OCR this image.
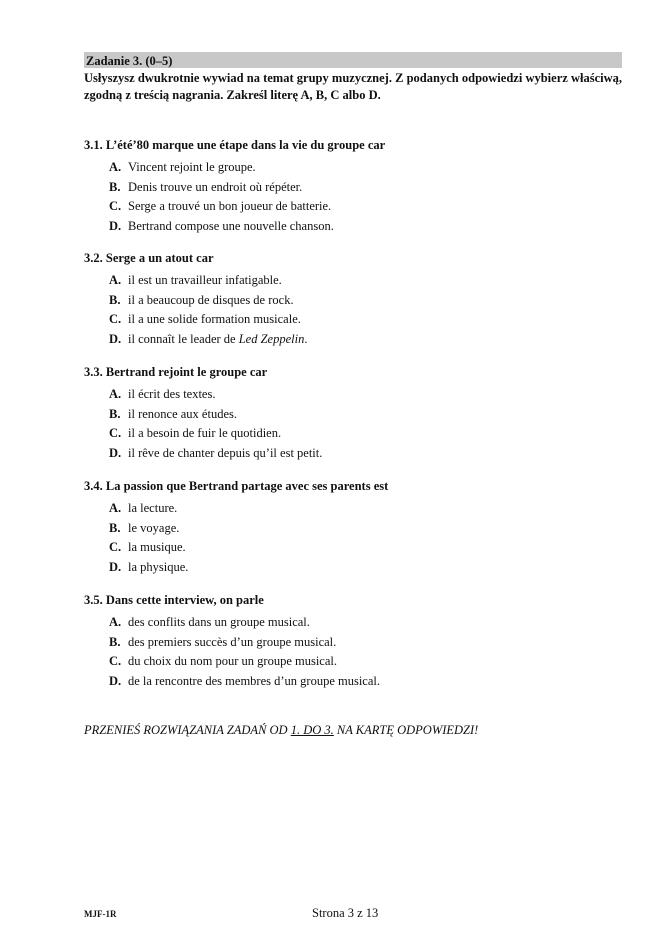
Zadanie 3. (0–5)
Usłyszysz dwukrotnie wywiad na temat grupy muzycznej. Z podanych odpowiedzi wybierz właściwą, zgodną z treścią nagrania. Zakreśl literę A, B, C albo D.
3.1. L’été’80 marque une étape dans la vie du groupe car
A. Vincent rejoint le groupe.
B. Denis trouve un endroit où répéter.
C. Serge a trouvé un bon joueur de batterie.
D. Bertrand compose une nouvelle chanson.
3.2. Serge a un atout car
A. il est un travailleur infatigable.
B. il a beaucoup de disques de rock.
C. il a une solide formation musicale.
D. il connaît le leader de Led Zeppelin.
3.3. Bertrand rejoint le groupe car
A. il écrit des textes.
B. il renonce aux études.
C. il a besoin de fuir le quotidien.
D. il rêve de chanter depuis qu’il est petit.
3.4. La passion que Bertrand partage avec ses parents est
A. la lecture.
B. le voyage.
C. la musique.
D. la physique.
3.5. Dans cette interview, on parle
A. des conflits dans un groupe musical.
B. des premiers succès d’un groupe musical.
C. du choix du nom pour un groupe musical.
D. de la rencontre des membres d’un groupe musical.
PRZENIEŚ ROZWIĄZANIA ZADAŃ OD 1. DO 3. NA KARTĘ ODPOWIEDZI!
MJF-1R	Strona 3 z 13
